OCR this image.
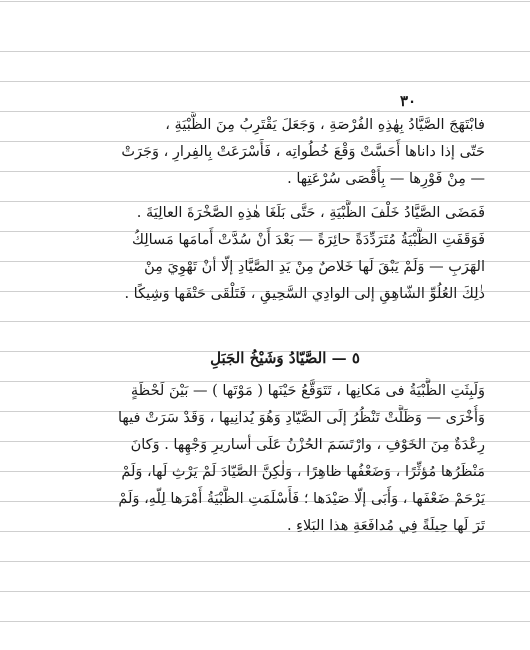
٣٠
فابْتَهَجَ الصَّيَّادُ بِهٰذِهِ الفُرْصَةِ ، وَجَعَلَ يَقْتَرِبُ مِنَ الظَّبْيَةِ ،
حَتّى إذا داناها أَحَسَّتْ وَقْعَ خُطُواتِه ، فَأَسْرَعَتْ بِالفِرارِ ، وَجَرَتْ
— مِنْ فَوْرِها — بِأَقْصَى سُرْعَتِها .
فَمَضَى الصَّيَّادُ خَلْفَ الظَّبْيَةِ ، حَتَّى بَلَغَا هٰذِهِ الصَّخْرَةَ العالِيَةَ .
فَوَقَفَتِ الظَّبْيَةُ مُتَرَدِّدَةً حائِرَةً — بَعْدَ أَنْ سُدَّتْ أَمامَها مَسالِكُ
الهَرَبِ — وَلَمْ يَبْقَ لَها خَلاصٌ مِنْ يَدِ الصَّيَّادِ إلّا أنْ تَهْوِيَ مِنْ
ذٰلِكَ العُلُوِّ الشّاهِقِ إلى الوادِي السَّحِيقِ ، فَتَلْقَى حَتْفَها وَشِيكًا .
٥ — الصَّيّادُ وَشَيْخُ الجَبَلِ
وَلَبِثَتِ الظَّبْيَةُ فى مَكانِها ، تَتَوَقَّعُ حَيْنَها ( مَوْتَها ) — بَيْنَ لَحْظَةٍ
وَأُخْرَى — وَظَلَّتْ تَنْظُرُ إلَى الصَّيّادِ وَهُوَ يُدانِيها ، وَقَدْ سَرَتْ فيها
رِعْدَةٌ مِنَ الخَوْفِ ، وارْتَسَمَ الحُزْنُ عَلَى أساريرِ وَجْهِها . وَكانَ
مَنْظَرُها مُؤثِّرًا ، وَضَعْفُها ظاهِرًا ، وَلٰكِنَّ الصَّيّادَ لَمْ يَرْثِ لَها، وَلَمْ
يَرْحَمْ ضَعْفَها ، وَأَبَى إلّا صَيْدَها ؛ فَأَسْلَمَتِ الظَّبْيَةُ أَمْرَها لِلّهِ، وَلَمْ
تَرَ لَها حِيلَةً فِي مُدافَعَةِ هذا البَلاءِ .
